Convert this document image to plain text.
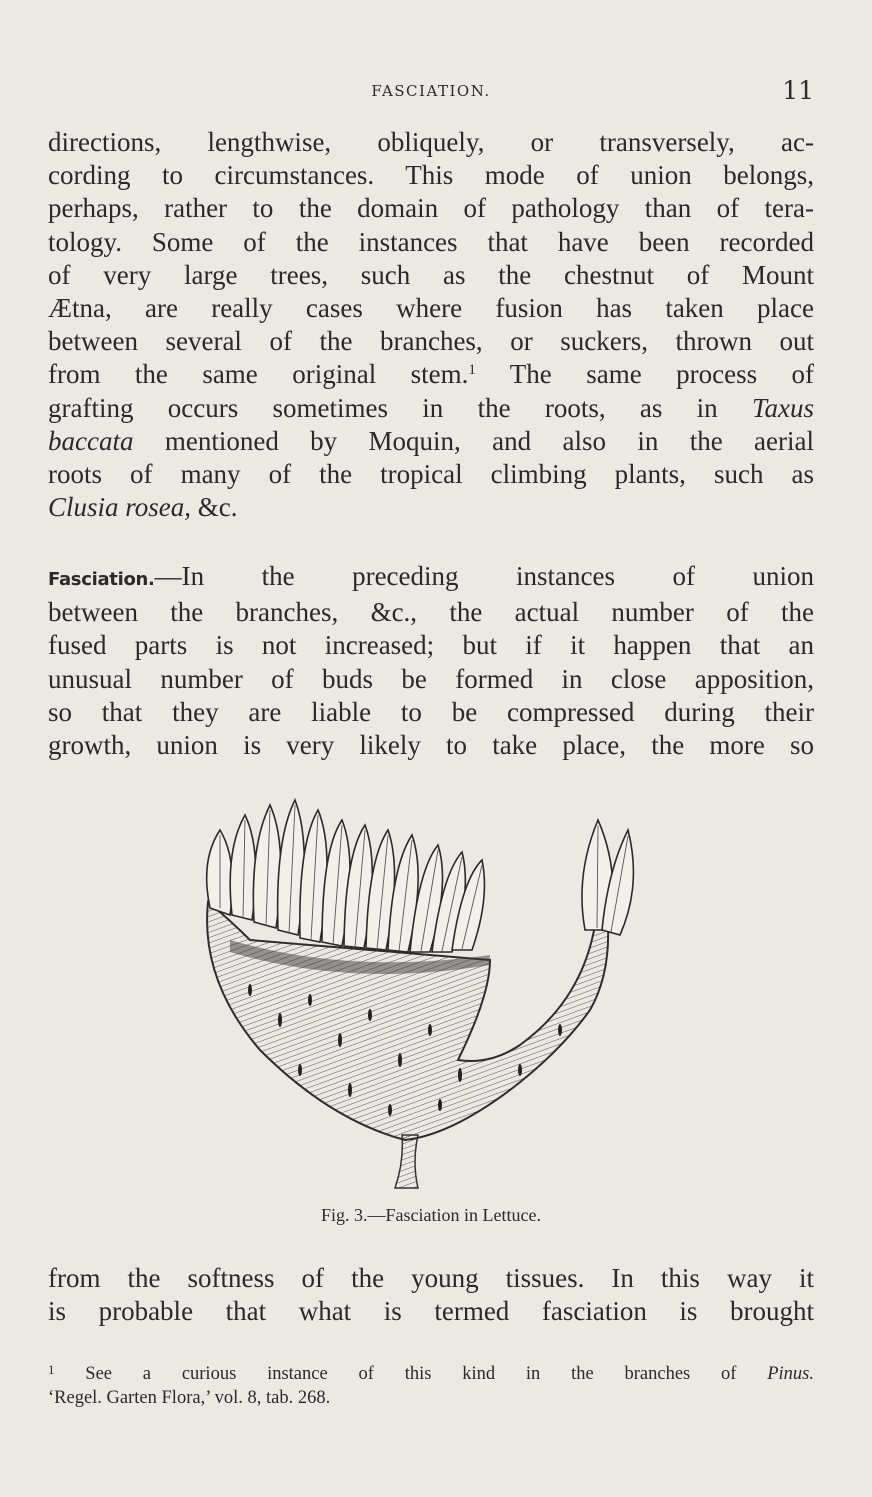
FASCIATION.	11
directions, lengthwise, obliquely, or transversely, ac-
cording to circumstances. This mode of union belongs,
perhaps, rather to the domain of pathology than of tera-
tology. Some of the instances that have been recorded
of very large trees, such as the chestnut of Mount
Ætna, are really cases where fusion has taken place
between several of the branches, or suckers, thrown out
from the same original stem.$^1$ The same process of
grafting occurs sometimes in the roots, as in Taxus
baccata mentioned by Moquin, and also in the aerial
roots of many of the tropical climbing plants, such as
Clusia rosea, &c.
Fasciation.—In the preceding instances of union
between the branches, &c., the actual number of the
fused parts is not increased; but if it happen that an
unusual number of buds be formed in close apposition,
so that they are liable to be compressed during their
growth, union is very likely to take place, the more so
Fig. 3.—Fasciation in Lettuce.
from the softness of the young tissues. In this way it
is probable that what is termed fasciation is brought
$^1$ See a curious instance of this kind in the branches of Pinus.
‘Regel. Garten Flora,’ vol. 8, tab. 268.
